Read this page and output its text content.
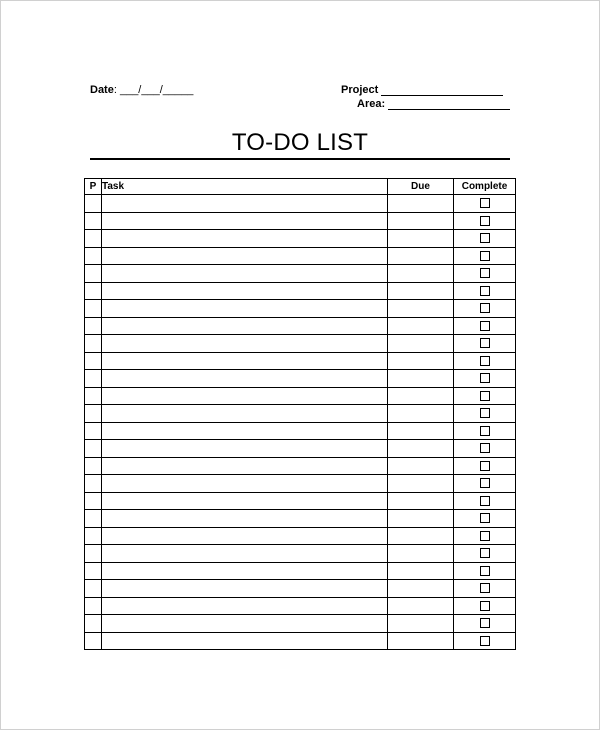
Date: ___/___/_____	Project
Area :
TO-DO LIST
P	Task	Due	Complete
